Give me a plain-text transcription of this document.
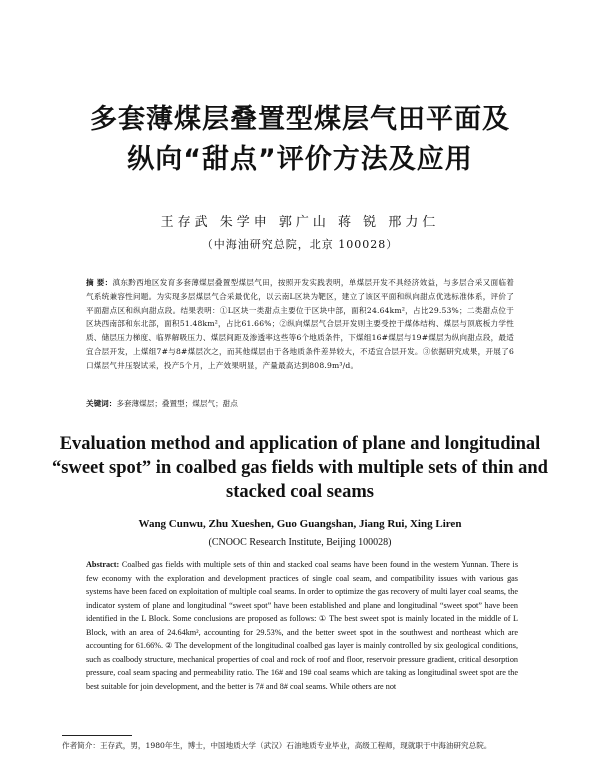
多套薄煤层叠置型煤层气田平面及
纵向“甜点”评价方法及应用
王存武 朱学申 郭广山 蒋 锐 邢力仁
（中海油研究总院，北京 100028）
摘 要：滇东黔西地区发育多套薄煤层叠置型煤层气田，按照开发实践表明，单煤层开发不具经济效益，与多层合采又面临着气系统兼容性问题。为实现多层煤层气合采最优化，以云南L区块为靶区，建立了该区平面和纵向甜点优选标准体系，评价了平面甜点区和纵向甜点段。结果表明：①L区块一类甜点主要位于区块中部，面积24.64km²，占比29.53%；二类甜点位于区块西南部和东北部，面积51.48km²，占比61.66%；②纵向煤层气合层开发则主要受控于煤体结构、煤层与顶底板力学性质、储层压力梯度、临界解吸压力、煤层间距及渗透率这些等6个地质条件，下煤组16#煤层与19#煤层为纵向甜点段，最适宜合层开发，上煤组7#与8#煤层次之，而其他煤层由于各地质条件差异较大，不适宜合层开发。③依据研究成果，开展了6口煤层气井压裂试采，投产5个月，上产效果明显，产量最高达到808.9m³/d。
关键词：多套薄煤层；叠置型；煤层气；甜点
Evaluation method and application of plane and longitudinal “sweet spot” in coalbed gas fields with multiple sets of thin and stacked coal seams
Wang Cunwu, Zhu Xueshen, Guo Guangshan, Jiang Rui, Xing Liren
(CNOOC Research Institute, Beijing 100028)
Abstract: Coalbed gas fields with multiple sets of thin and stacked coal seams have been found in the western Yunnan. There is few economy with the exploration and development practices of single coal seam, and compatibility issues with various gas systems have been faced on exploitation of multiple coal seams. In order to optimize the gas recovery of multi layer coal seams, the indicator system of plane and longitudinal “sweet spot” have been established and plane and longitudinal “sweet spot” have been identified in the L Block. Some conclusions are proposed as follows: ① The best sweet spot is mainly located in the middle of L Block, with an area of 24.64km², accounting for 29.53%, and the better sweet spot in the southwest and northeast which are accounting for 61.66%. ② The development of the longitudinal coalbed gas layer is mainly controlled by six geological conditions, such as coalbody structure, mechanical properties of coal and rock of roof and floor, reservoir pressure gradient, critical desorption pressure, coal seam spacing and permeability ratio. The 16# and 19# coal seams which are taking as longitudinal sweet spot are the best suitable for join development, and the better is 7# and 8# coal seams. While others are not
作者简介：王存武，男，1980年生，博士，中国地质大学（武汉）石油地质专业毕业，高级工程师，现就职于中海油研究总院。
